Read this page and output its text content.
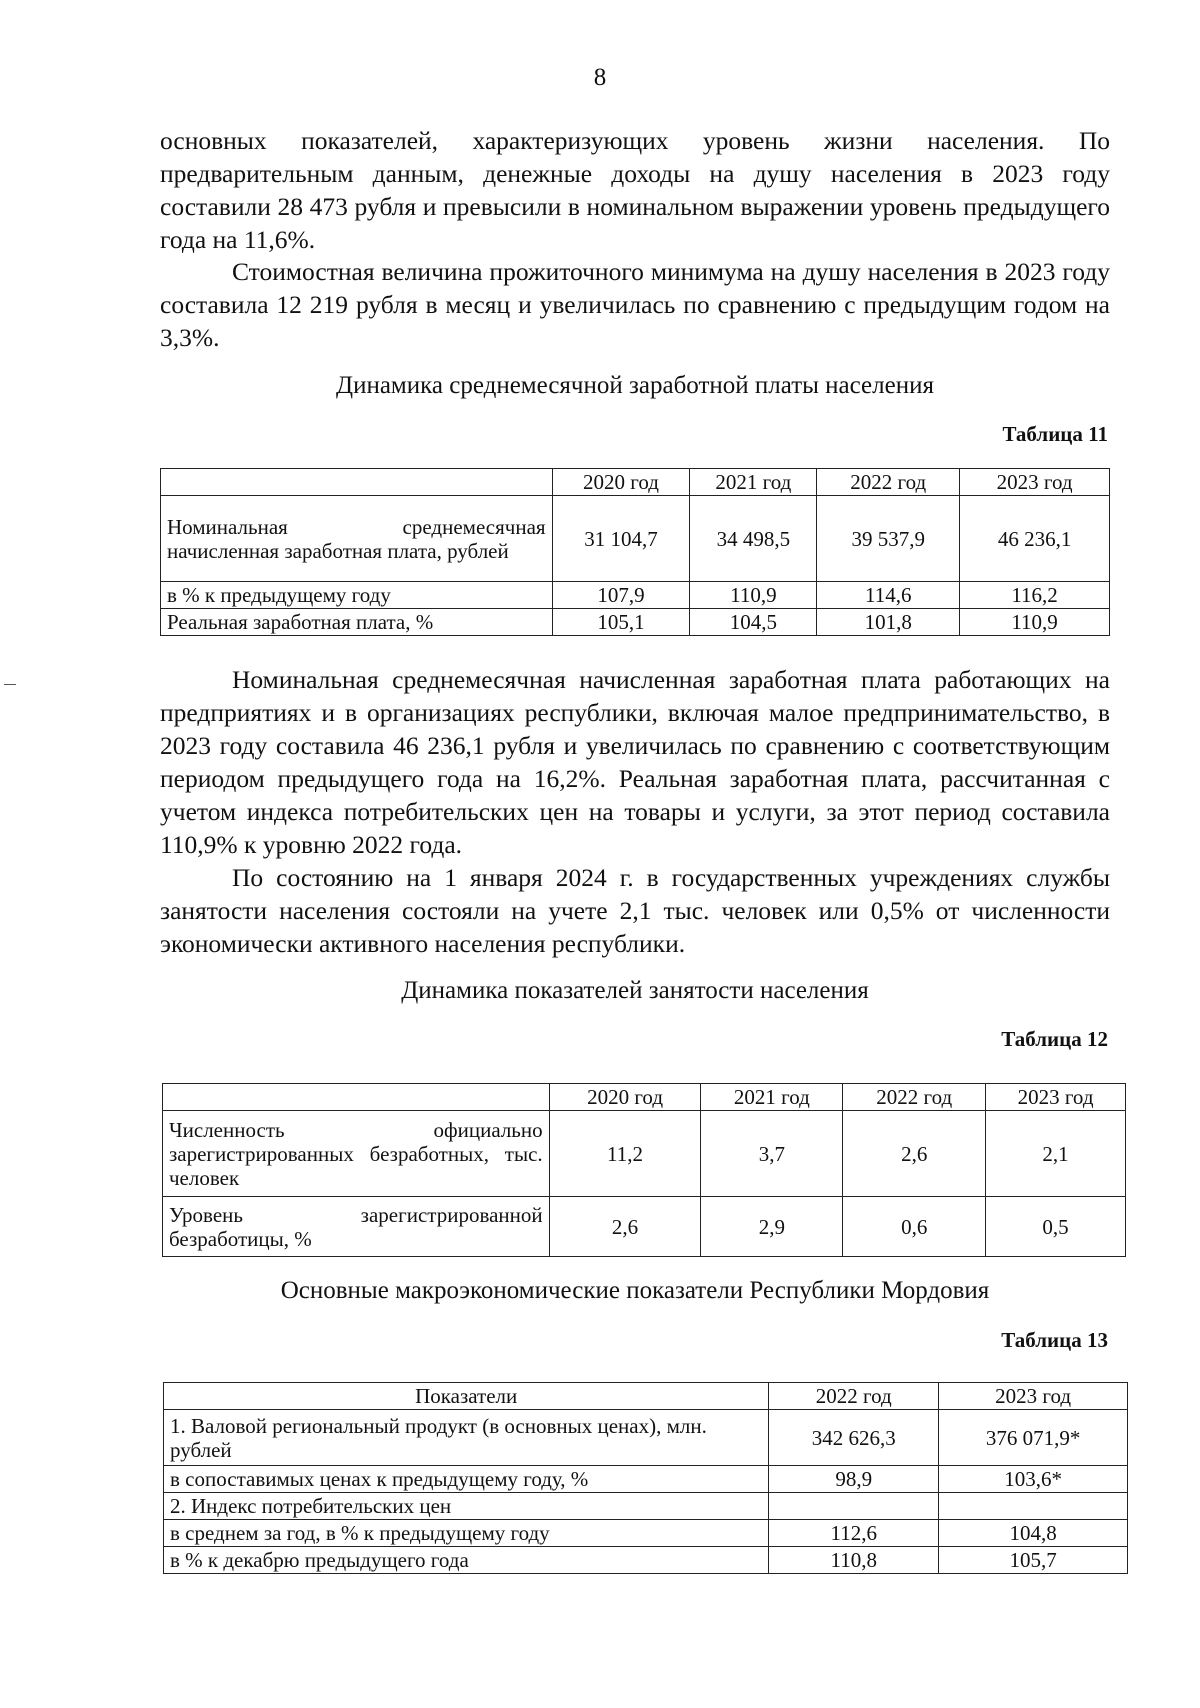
8

основных показателей, характеризующих уровень жизни населения. По предварительным данным, денежные доходы на душу населения в 2023 году составили 28 473 рубля и превысили в номинальном выражении уровень предыдущего года на 11,6%.

Стоимостная величина прожиточного минимума на душу населения в 2023 году составила 12 219 рубля в месяц и увеличилась по сравнению с предыдущим годом на 3,3%.

Динамика среднемесячной заработной платы населения
Таблица 11
	2020 год	2021 год	2022 год	2023 год
Номинальная среднемесячная начисленная заработная плата, рублей	31 104,7	34 498,5	39 537,9	46 236,1
в % к предыдущему году	107,9	110,9	114,6	116,2
Реальная заработная плата, %	105,1	104,5	101,8	110,9

Номинальная среднемесячная начисленная заработная плата работающих на предприятиях и в организациях республики, включая малое предпринимательство, в 2023 году составила 46 236,1 рубля и увеличилась по сравнению с соответствующим периодом предыдущего года на 16,2%. Реальная заработная плата, рассчитанная с учетом индекса потребительских цен на товары и услуги, за этот период составила 110,9% к уровню 2022 года.

По состоянию на 1 января 2024 г. в государственных учреждениях службы занятости населения состояли на учете 2,1 тыс. человек или 0,5% от численности экономически активного населения республики.

Динамика показателей занятости населения
Таблица 12
	2020 год	2021 год	2022 год	2023 год
Численность официально зарегистрированных безработных, тыс. человек	11,2	3,7	2,6	2,1
Уровень зарегистрированной безработицы, %	2,6	2,9	0,6	0,5
Основные макроэкономические показатели Республики Мордовия
Таблица 13
Показатели	2022 год	2023 год
1. Валовой региональный продукт (в основных ценах), млн. рублей	342 626,3	376 071,9*
в сопоставимых ценах к предыдущему году, %	98,9	103,6*
2. Индекс потребительских цен		
в среднем за год, в % к предыдущему году	112,6	104,8
в % к декабрю предыдущего года	110,8	105,7
